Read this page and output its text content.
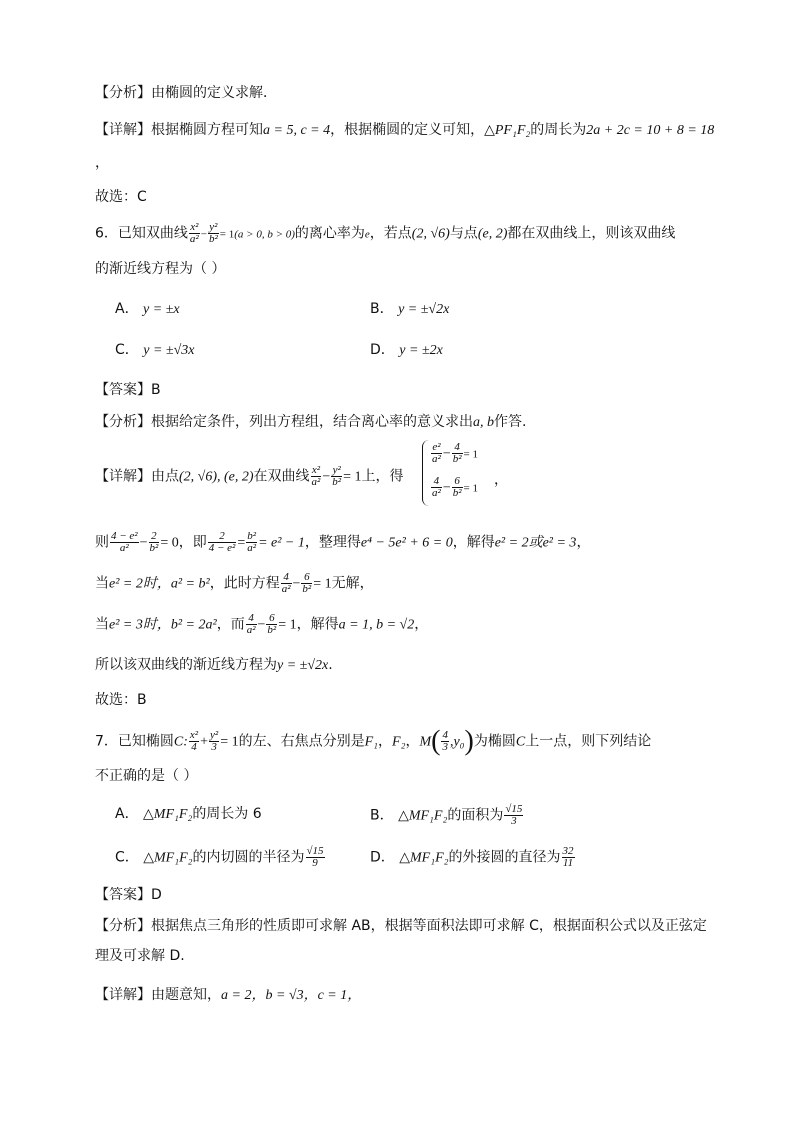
【分析】由椭圆的定义求解．
【详解】根据椭圆方程可知a = 5, c = 4，根据椭圆的定义可知，△PF₁F₂的周长为2a + 2c = 10 + 8 = 18
，
故选：C
6．已知双曲线 $\frac{\text{x²}}{\text{a²}} - \frac{\text{y²}}{\text{b²}} = 1(a > 0$, b > 0)的离心率为e，若点(2, √6)与点(e, 2)都在双曲线上，则该双曲线
的渐近线方程为（ ）
A． y = ±x	B． y = ±√2x
C． y = ±√3x	D． y = ±2x
【答案】B
【分析】根据给定条件，列出方程组，结合离心率的意义求出a, b作答.
【详解】由点(2, √6), (e, 2)在双曲线 $\frac{\text{x²}}{\text{a²}} - \frac{\text{y²}}{\text{b²}} = 1$上，得
$\frac{\text{e²}}{\text{a²}} - \frac{4}{\text{b²}} = 1$
$\frac{4}{\text{a²}} - \frac{6}{\text{b²}} = 1$
，
则 $\frac{\text{4 − e²}}{\text{a²}} - \frac{2}{\text{b²}} = 0$，即 $\frac{2}{\text{4 − e²}} = \frac{\text{b²}}{\text{a²}} = e^2 - 1$，整理得e⁴ − 5e² + 6 = 0，解得e² = 2或e² = 3，
当e² = 2时，a² = b²，此时方程 $\frac{4}{\text{a²}} - \frac{6}{\text{b²}} = 1$无解，
当e² = 3时，b² = 2a²，而 $\frac{4}{\text{a²}} - \frac{6}{\text{b²}} = 1$，解得a = 1, b = √2，
所以该双曲线的渐近线方程为y = ±√2x.
故选：B
7．已知椭圆C: $\frac{\text{x²}}{4} + \frac{\text{y²}}{3} = 1$的左、右焦点分别是F₁，F₂，$M( \frac{4}{3} ,y_0)$为椭圆C上一点，则下列结论
不正确的是（ ）
A． △MF₁F₂的周长为 6	B． △MF₁F₂的面积为 $\frac{√15}{3}$
C． △MF₁F₂的内切圆的半径为 $\frac{√15}{9}$	D． △MF₁F₂的外接圆的直径为 $\frac{32}{11}$
【答案】D
【分析】根据焦点三角形的性质即可求解 AB，根据等面积法即可求解 C，根据面积公式以及正弦定
理及可求解 D.
【详解】由题意知，a = 2，b = √3，c = 1，
